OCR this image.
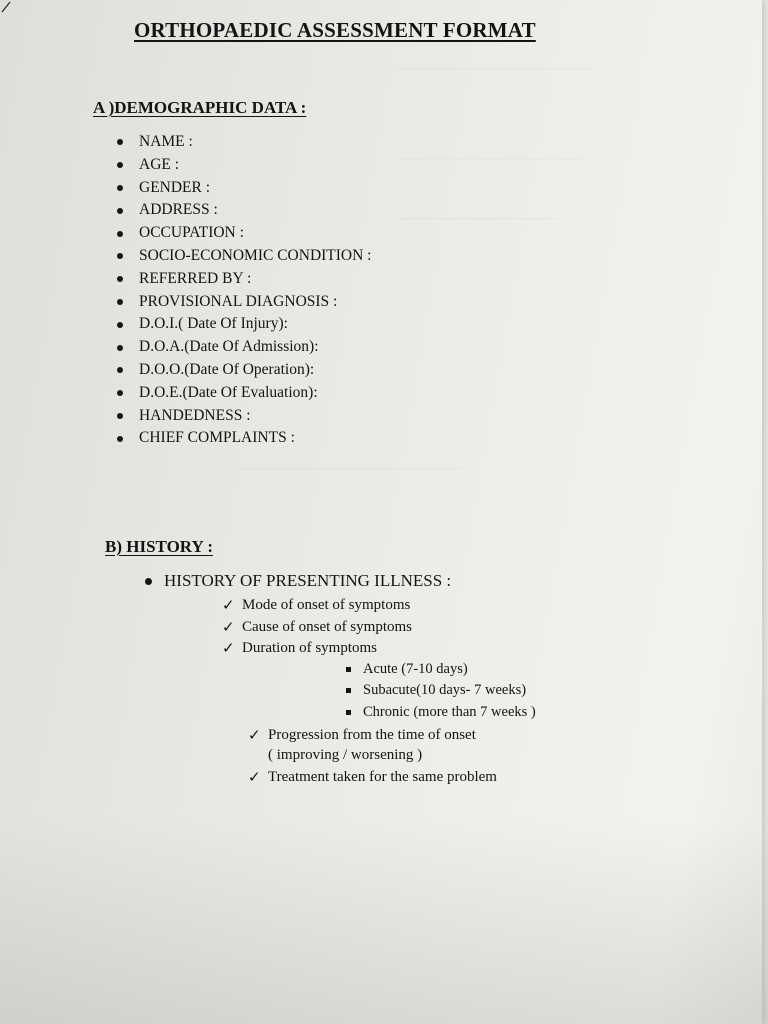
———————————————
——————————————
————————————
—————————————————
ORTHOPAEDIC ASSESSMENT FORMAT
A )DEMOGRAPHIC DATA :
NAME :
AGE :
GENDER :
ADDRESS :
OCCUPATION :
SOCIO-ECONOMIC CONDITION :
REFERRED BY :
PROVISIONAL DIAGNOSIS :
D.O.I.( Date Of Injury):
D.O.A.(Date Of Admission):
D.O.O.(Date Of Operation):
D.O.E.(Date Of Evaluation):
HANDEDNESS :
CHIEF COMPLAINTS :
B) HISTORY :
HISTORY OF PRESENTING ILLNESS :
✓ Mode of onset of symptoms
✓ Cause of onset of symptoms
✓ Duration of symptoms
Acute (7-10 days)
Subacute(10 days- 7 weeks)
Chronic (more than 7 weeks )
✓ Progression from the time of onset
( improving / worsening )
✓ Treatment taken for the same problem
